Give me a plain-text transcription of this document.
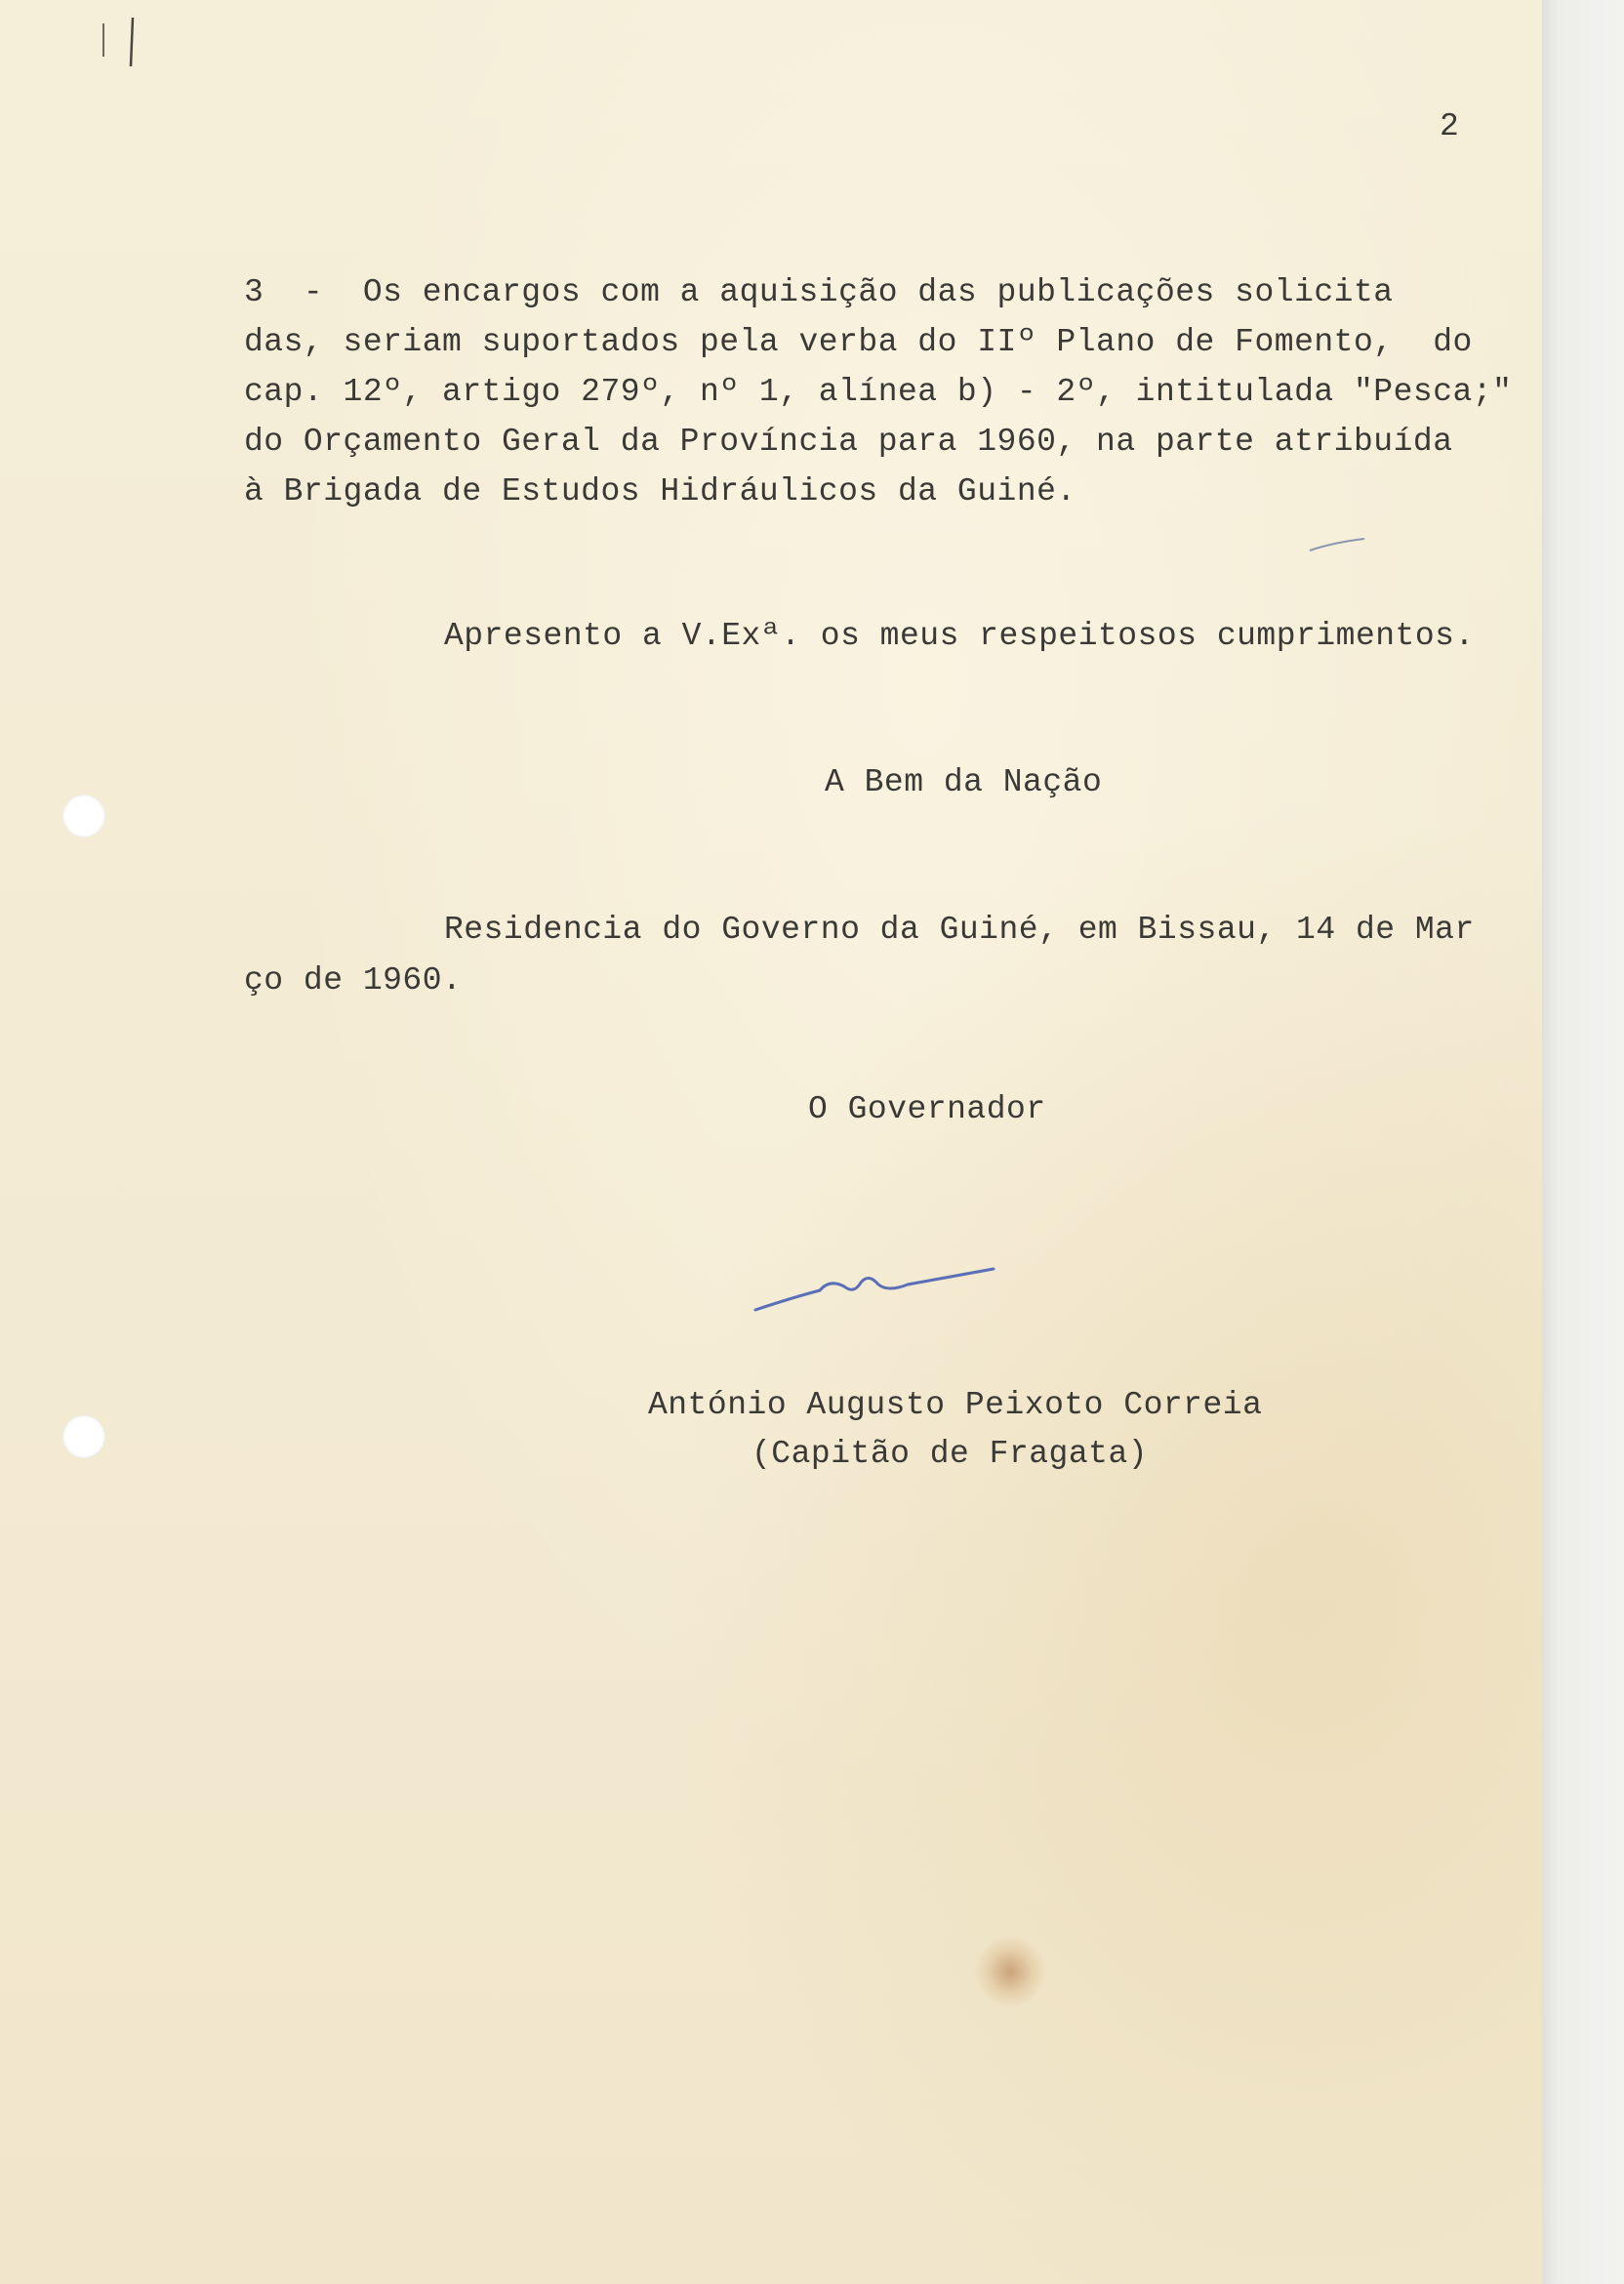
2
3  -  Os encargos com a aquisição das publicações solicita
das, seriam suportados pela verba do IIº Plano de Fomento,  do
cap. 12º, artigo 279º, nº 1, alínea b) - 2º, intitulada "Pesca;"
do Orçamento Geral da Província para 1960, na parte atribuída
à Brigada de Estudos Hidráulicos da Guiné.
Apresento a V.Exª. os meus respeitosos cumprimentos.
A Bem da Nação
Residencia do Governo da Guiné, em Bissau, 14 de Mar
ço de 1960.
O Governador
António Augusto Peixoto Correia
(Capitão de Fragata)
